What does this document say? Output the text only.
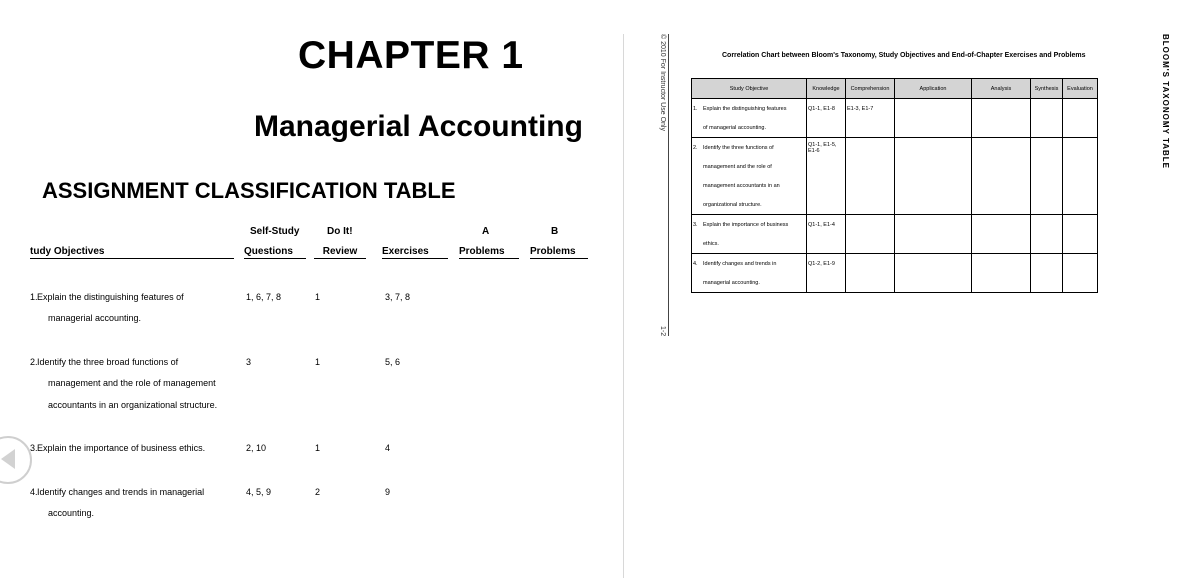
CHAPTER 1
Managerial Accounting
ASSIGNMENT CLASSIFICATION TABLE
Self-Study	Do It!	A	B
tudy Objectives	Questions	Review	Exercises	Problems	Problems
1. Explain the distinguishing features of
managerial accounting.
1, 6, 7, 8	1	3, 7, 8
2. Identify the three broad functions of
management and the role of management
accountants in an organizational structure.
3	1	5, 6
3. Explain the importance of business ethics.	2, 10	1	4
4. Identify changes and trends in managerial
accounting.
4, 5, 9	2	9
© 2010 For Instructor Use Only
1-2
Correlation Chart between Bloom's Taxonomy, Study Objectives and End-of-Chapter Exercises and Problems
Study Objective	Knowledge	Comprehension	Application	Analysis	Synthesis	Evaluation

1. Explain the distinguishing features
of managerial accounting.	Q1-1, E1-8	E1-3, E1-7				

2. Identify the three functions of
management and the role of
management accountants in an
organizational structure.	Q1-1, E1-5, E1-6					

3. Explain the importance of business
ethics.	Q1-1, E1-4					

4. Identify changes and trends in
managerial accounting.	Q1-2, E1-9					

BLOOM'S TAXONOMY TABLE
